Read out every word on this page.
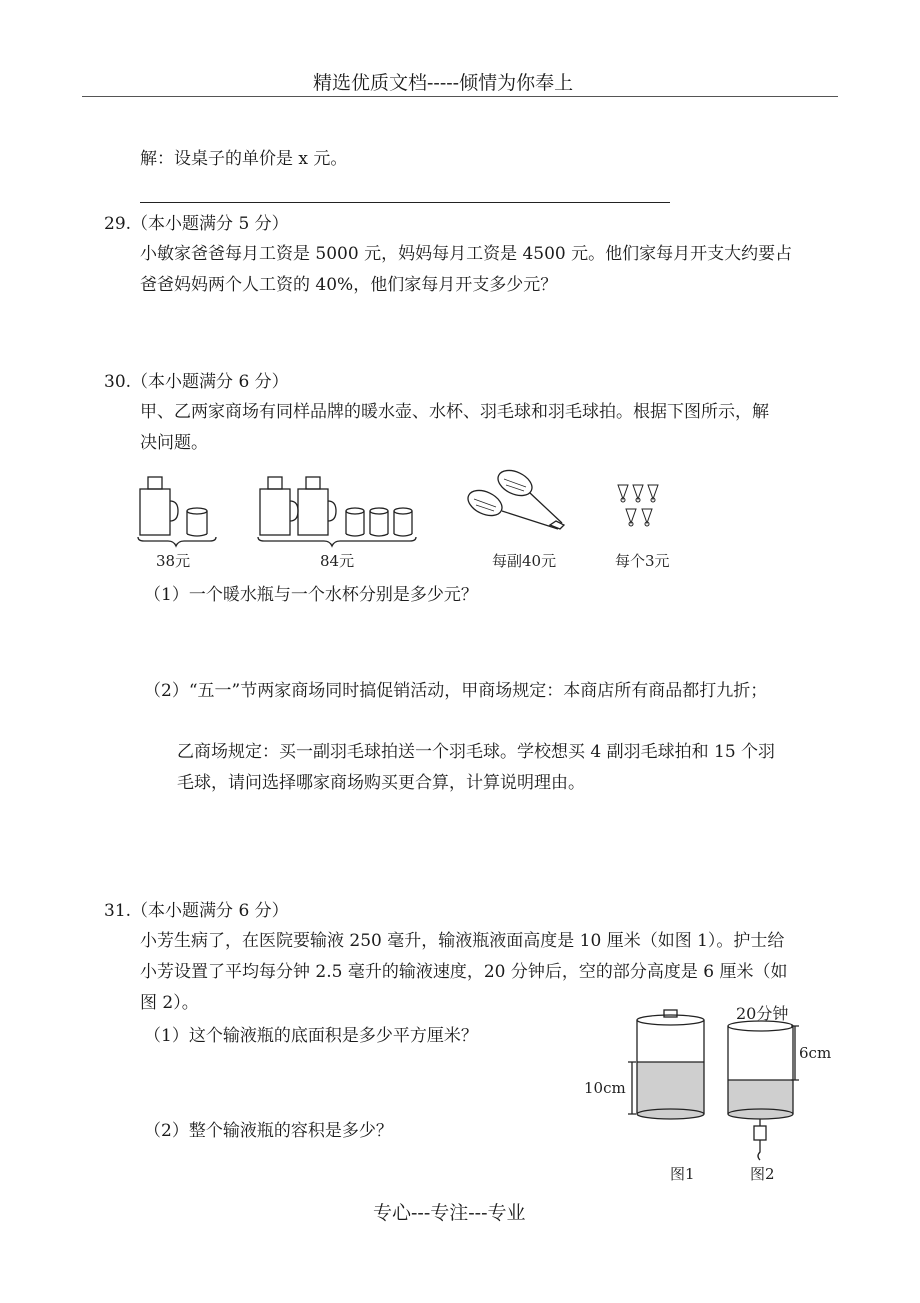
精选优质文档-----倾情为你奉上
解：设桌子的单价是 x 元。
29.（本小题满分 5 分）
小敏家爸爸每月工资是 5000 元，妈妈每月工资是 4500 元。他们家每月开支大约要占
爸爸妈妈两个人工资的 40%，他们家每月开支多少元？
30.（本小题满分 6 分）
甲、乙两家商场有同样品牌的暖水壶、水杯、羽毛球和羽毛球拍。根据下图所示，解
决问题。
38元	84元	每副40元	每个3元
（1）一个暖水瓶与一个水杯分别是多少元？
（2）“五一”节两家商场同时搞促销活动，甲商场规定：本商店所有商品都打九折；
乙商场规定：买一副羽毛球拍送一个羽毛球。学校想买 4 副羽毛球拍和 15 个羽
毛球，请问选择哪家商场购买更合算，计算说明理由。
31.（本小题满分 6 分）
小芳生病了，在医院要输液 250 毫升，输液瓶液面高度是 10 厘米（如图 1）。护士给
小芳设置了平均每分钟 2.5 毫升的输液速度，20 分钟后，空的部分高度是 6 厘米（如
图 2）。
（1）这个输液瓶的底面积是多少平方厘米？
（2）整个输液瓶的容积是多少？
20分钟
6cm
10cm
图1	图2
专心---专注---专业
